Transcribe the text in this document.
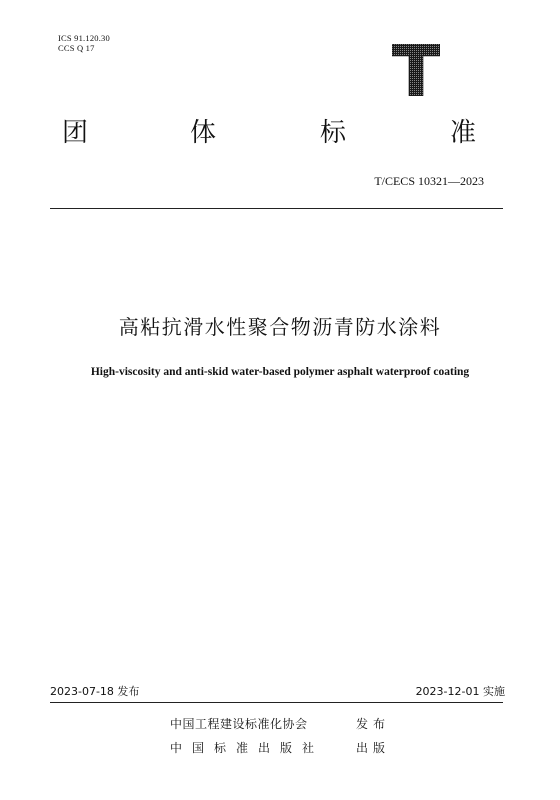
ICS 91.120.30
CCS Q 17
团	体	标	准
T/CECS 10321—2023
高粘抗滑水性聚合物沥青防水涂料
High-viscosity and anti-skid water-based polymer asphalt waterproof coating
2023-07-18 发布	2023-12-01 实施
中国工程建设标准化协会	发布
中国标准出版社	出版
